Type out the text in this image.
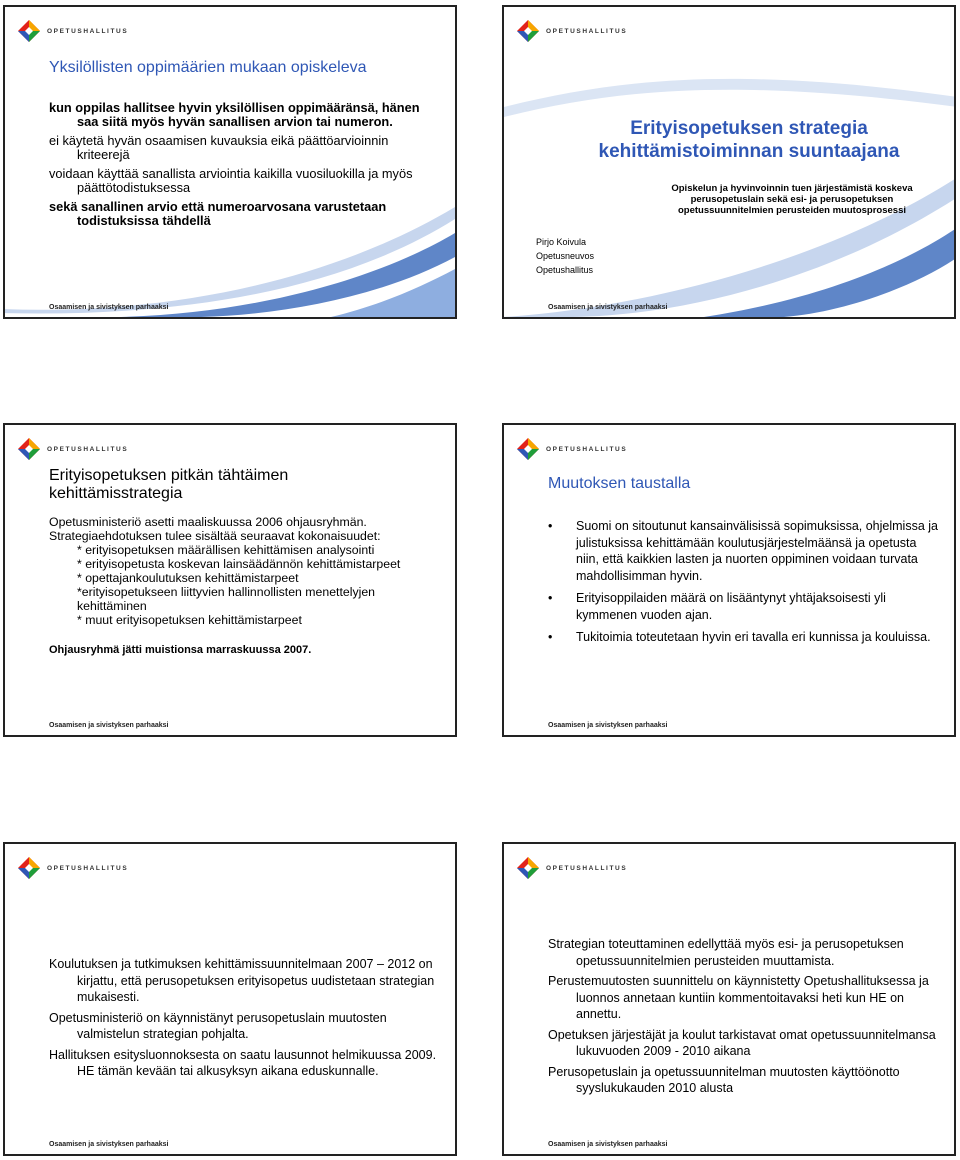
OPETUSHALLITUS
Yksilöllisten oppimäärien mukaan opiskeleva

kun oppilas hallitsee hyvin yksilöllisen oppimääränsä, hänen saa siitä myös hyvän sanallisen arvion tai numeron.

ei käytetä hyvän osaamisen kuvauksia eikä päättöarvioinnin kriteerejä

voidaan käyttää sanallista arviointia kaikilla vuosiluokilla ja myös päättötodistuksessa

sekä sanallinen arvio että numeroarvosana varustetaan todistuksissa tähdellä

Osaamisen ja sivistyksen parhaaksi
OPETUSHALLITUS
Erityisopetuksen strategia
kehittämistoiminnan suuntaajana
Opiskelun ja hyvinvoinnin tuen järjestämistä koskeva perusopetuslain sekä esi- ja perusopetuksen opetussuunnitelmien perusteiden muutosprosessi
Pirjo Koivula
Opetusneuvos
Opetushallitus
Osaamisen ja sivistyksen parhaaksi
OPETUSHALLITUS
Erityisopetuksen pitkän tähtäimen
kehittämisstrategia

Opetusministeriö asetti maaliskuussa 2006 ohjausryhmän.

Strategiaehdotuksen tulee sisältää seuraavat kokonaisuudet:

* erityisopetuksen määrällisen kehittämisen analysointi

* erityisopetusta koskevan lainsäädännön kehittämistarpeet

* opettajankoulutuksen kehittämistarpeet

*erityisopetukseen liittyvien hallinnollisten menettelyjen kehittäminen

* muut erityisopetuksen kehittämistarpeet

Ohjausryhmä jätti muistionsa marraskuussa 2007.

Osaamisen ja sivistyksen parhaaksi
OPETUSHALLITUS
Muutoksen taustalla
• Suomi on sitoutunut kansainvälisissä sopimuksissa, ohjelmissa ja julistuksissa kehittämään koulutusjärjestelmäänsä ja opetusta niin, että kaikkien lasten ja nuorten oppiminen voidaan turvata mahdollisimman hyvin.
• Erityisoppilaiden määrä on lisääntynyt yhtäjaksoisesti yli kymmenen vuoden ajan.
• Tukitoimia toteutetaan hyvin eri tavalla eri kunnissa ja kouluissa.
Osaamisen ja sivistyksen parhaaksi
OPETUSHALLITUS

Koulutuksen ja tutkimuksen kehittämissuunnitelmaan 2007 – 2012 on kirjattu, että perusopetuksen erityisopetus uudistetaan strategian mukaisesti.

Opetusministeriö on käynnistänyt perusopetuslain muutosten valmistelun strategian pohjalta.

Hallituksen esitysluonnoksesta on saatu lausunnot helmikuussa 2009. HE tämän kevään tai alkusyksyn aikana eduskunnalle.

Osaamisen ja sivistyksen parhaaksi
OPETUSHALLITUS

Strategian toteuttaminen edellyttää myös esi- ja perusopetuksen opetussuunnitelmien perusteiden muuttamista.

Perustemuutosten suunnittelu on käynnistetty Opetushallituksessa ja luonnos annetaan kuntiin kommentoitavaksi heti kun HE on annettu.

Opetuksen järjestäjät ja koulut tarkistavat omat opetussuunnitelmansa lukuvuoden 2009 - 2010 aikana

Perusopetuslain ja opetussuunnitelman muutosten käyttöönotto syyslukukauden 2010 alusta

Osaamisen ja sivistyksen parhaaksi
